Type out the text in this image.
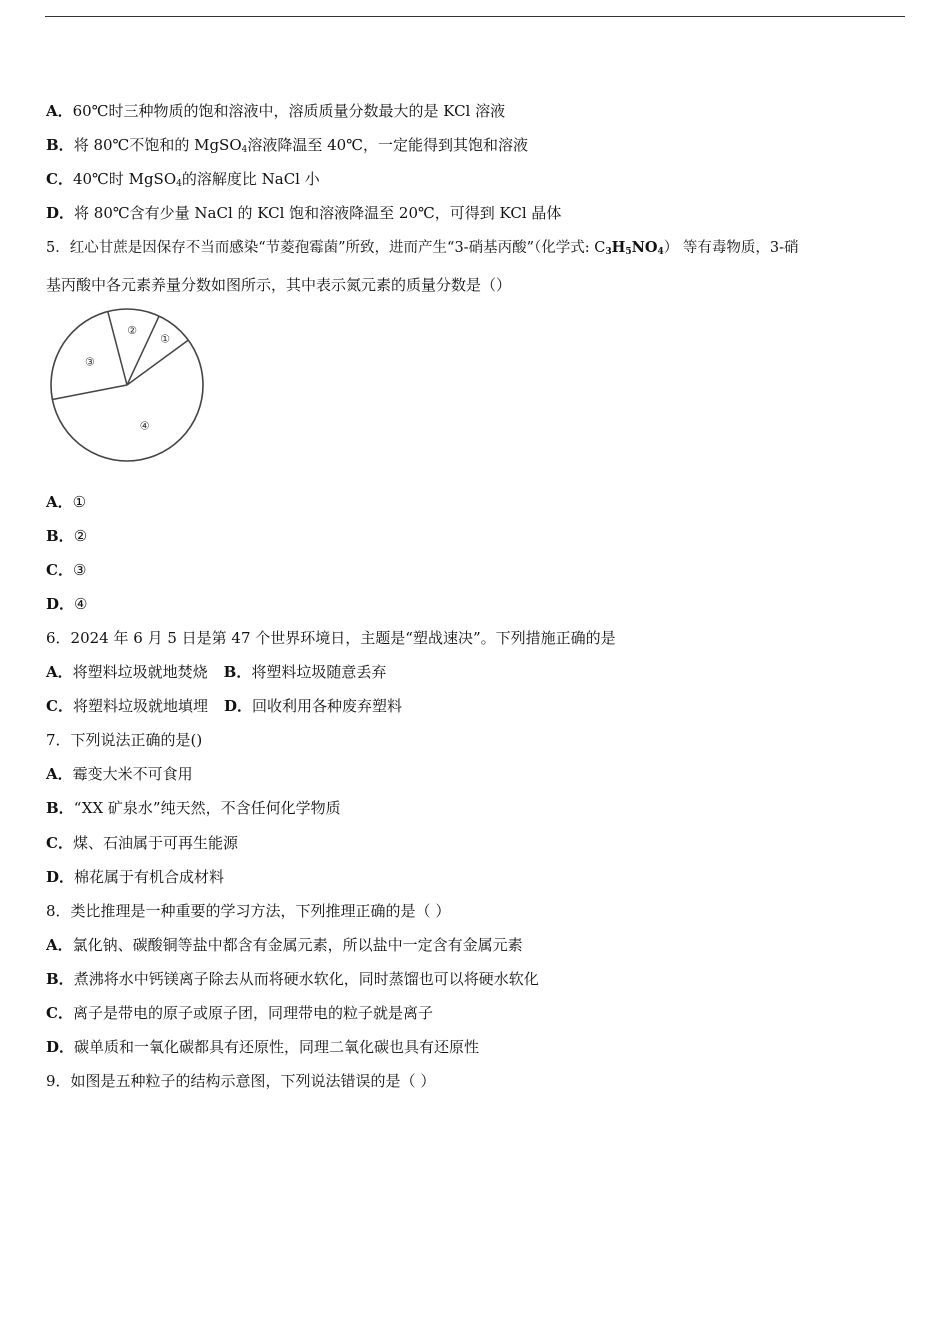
A．60℃时三种物质的饱和溶液中，溶质质量分数最大的是 KCl 溶液
B．将 80℃不饱和的 MgSO$_4$溶液降温至 40℃，一定能得到其饱和溶液
C．40℃时 MgSO$_4$的溶解度比 NaCl 小
D．将 80℃含有少量 NaCl 的 KCl 饱和溶液降温至 20℃，可得到 KCl 晶体
5．红心甘蔗是因保存不当而感染“节菱孢霉菌”所致，进而产生“3-硝基丙酸”（化学式: $C_3H_5NO_4$） 等有毒物质，3-硝
基丙酸中各元素养量分数如图所示，其中表示氮元素的质量分数是（）
①
④
③
②
A．①
B．②
C．③
D．④
6．2024 年 6 月 5 日是第 47 个世界环境日，主题是“塑战速决”。下列措施正确的是
A．将塑料垃圾就地焚烧 B．将塑料垃圾随意丢弃
C．将塑料垃圾就地填埋 D．回收利用各种废弃塑料
7．下列说法正确的是()
A．霉变大米不可食用
B．“XX 矿泉水”纯天然，不含任何化学物质
C．煤、石油属于可再生能源
D．棉花属于有机合成材料
8．类比推理是一种重要的学习方法，下列推理正确的是（ ）
A．氯化钠、碳酸铜等盐中都含有金属元素，所以盐中一定含有金属元素
B．煮沸将水中钙镁离子除去从而将硬水软化，同时蒸馏也可以将硬水软化
C．离子是带电的原子或原子团，同理带电的粒子就是离子
D．碳单质和一氧化碳都具有还原性，同理二氧化碳也具有还原性
9．如图是五种粒子的结构示意图，下列说法错误的是（ ）
